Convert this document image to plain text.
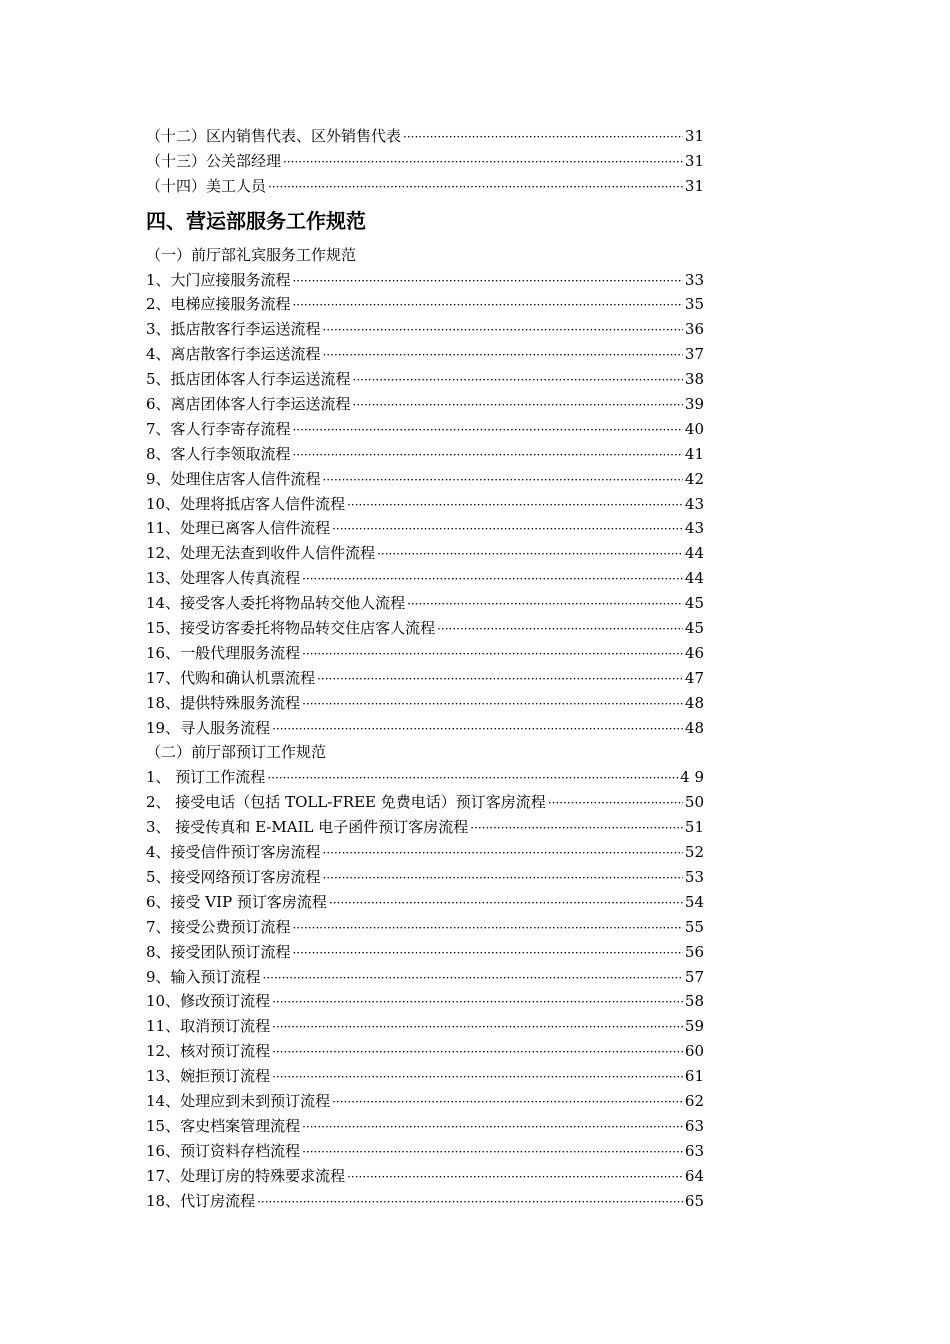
（十二）区内销售代表、区外销售代表 ·····	31
（十三）公关部经理 ·····	31
（十四）美工人员 ·····	31
四、营运部服务工作规范
（一）前厅部礼宾服务工作规范
1、大门应接服务流程 ·····	33
2、电梯应接服务流程 ·····	35
3、抵店散客行李运送流程 ·····	36
4、离店散客行李运送流程 ·····	37
5、抵店团体客人行李运送流程 ·····	38
6、离店团体客人行李运送流程 ·····	39
7、客人行李寄存流程 ·····	40
8、客人行李领取流程 ·····	41
9、处理住店客人信件流程 ·····	42
10、处理将抵店客人信件流程 ·····	43
11、处理已离客人信件流程 ·····	43
12、处理无法查到收件人信件流程 ·····	44
13、处理客人传真流程 ·····	44
14、接受客人委托将物品转交他人流程 ·····	45
15、接受访客委托将物品转交住店客人流程 ·····	45
16、一般代理服务流程 ·····	46
17、代购和确认机票流程 ·····	47
18、提供特殊服务流程 ·····	48
19、寻人服务流程 ·····	48
（二）前厅部预订工作规范
1、 预订工作流程 ·····	4 9
2、 接受电话（包括 TOLL-FREE 免费电话）预订客房流程 ·····	50
3、 接受传真和 E-MAIL 电子函件预订客房流程 ·····	51
4、接受信件预订客房流程 ·····	52
5、接受网络预订客房流程 ·····	53
6、接受 VIP 预订客房流程 ·····	54
7、接受公费预订流程 ·····	55
8、接受团队预订流程 ·····	56
9、输入预订流程 ·····	57
10、修改预订流程 ·····	58
11、取消预订流程 ·····	59
12、核对预订流程 ·····	60
13、婉拒预订流程 ·····	61
14、处理应到未到预订流程 ·····	62
15、客史档案管理流程 ·····	63
16、预订资料存档流程 ·····	63
17、处理订房的特殊要求流程 ·····	64
18、代订房流程 ·····	65
